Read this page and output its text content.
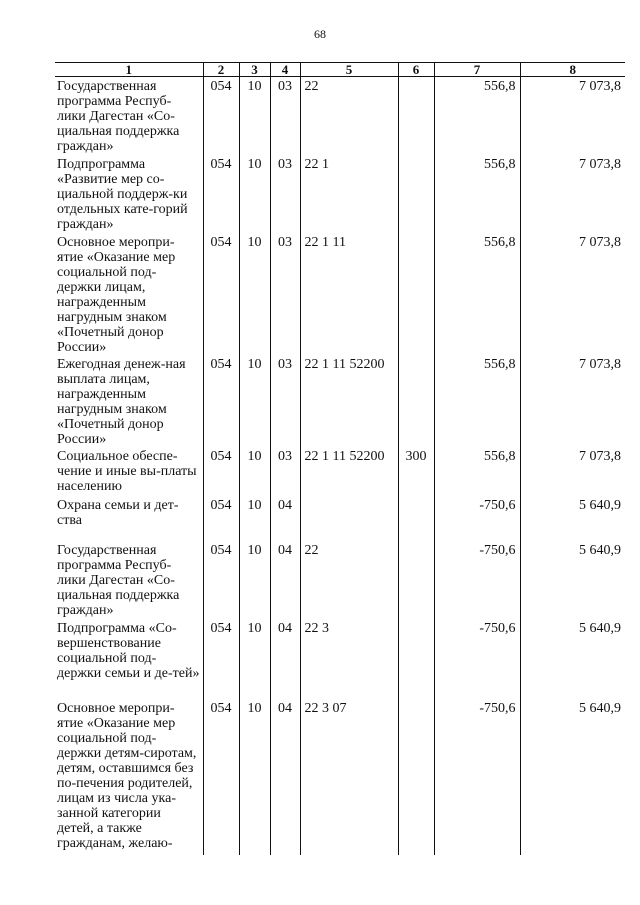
68
1	2	3	4	5	6	7	8
Государственная программа Респуб-лики Дагестан «Со-циальная поддержка граждан»	054	10	03	22		556,8	7 073,8
Подпрограмма «Развитие мер со-циальной поддерж-ки отдельных кате-горий граждан»	054	10	03	22 1		556,8	7 073,8
Основное меропри-ятие «Оказание мер социальной под-держки лицам, награжденным нагрудным знаком «Почетный донор России»	054	10	03	22 1 11		556,8	7 073,8
Ежегодная денеж-ная выплата лицам, награжденным нагрудным знаком «Почетный донор России»	054	10	03	22 1 11 52200		556,8	7 073,8
Социальное обеспе-чение и иные вы-платы населению	054	10	03	22 1 11 52200	300	556,8	7 073,8
Охрана семьи и дет-ства	054	10	04			-750,6	5 640,9
Государственная программа Респуб-лики Дагестан «Со-циальная поддержка граждан»	054	10	04	22		-750,6	5 640,9
Подпрограмма «Со-вершенствование социальной под-держки семьи и де-тей»	054	10	04	22 3		-750,6	5 640,9
Основное меропри-ятие «Оказание мер социальной под-держки детям-сиротам, детям, оставшимся без по-печения родителей, лицам из числа ука-занной категории детей, а также гражданам, желаю-	054	10	04	22 3 07		-750,6	5 640,9
